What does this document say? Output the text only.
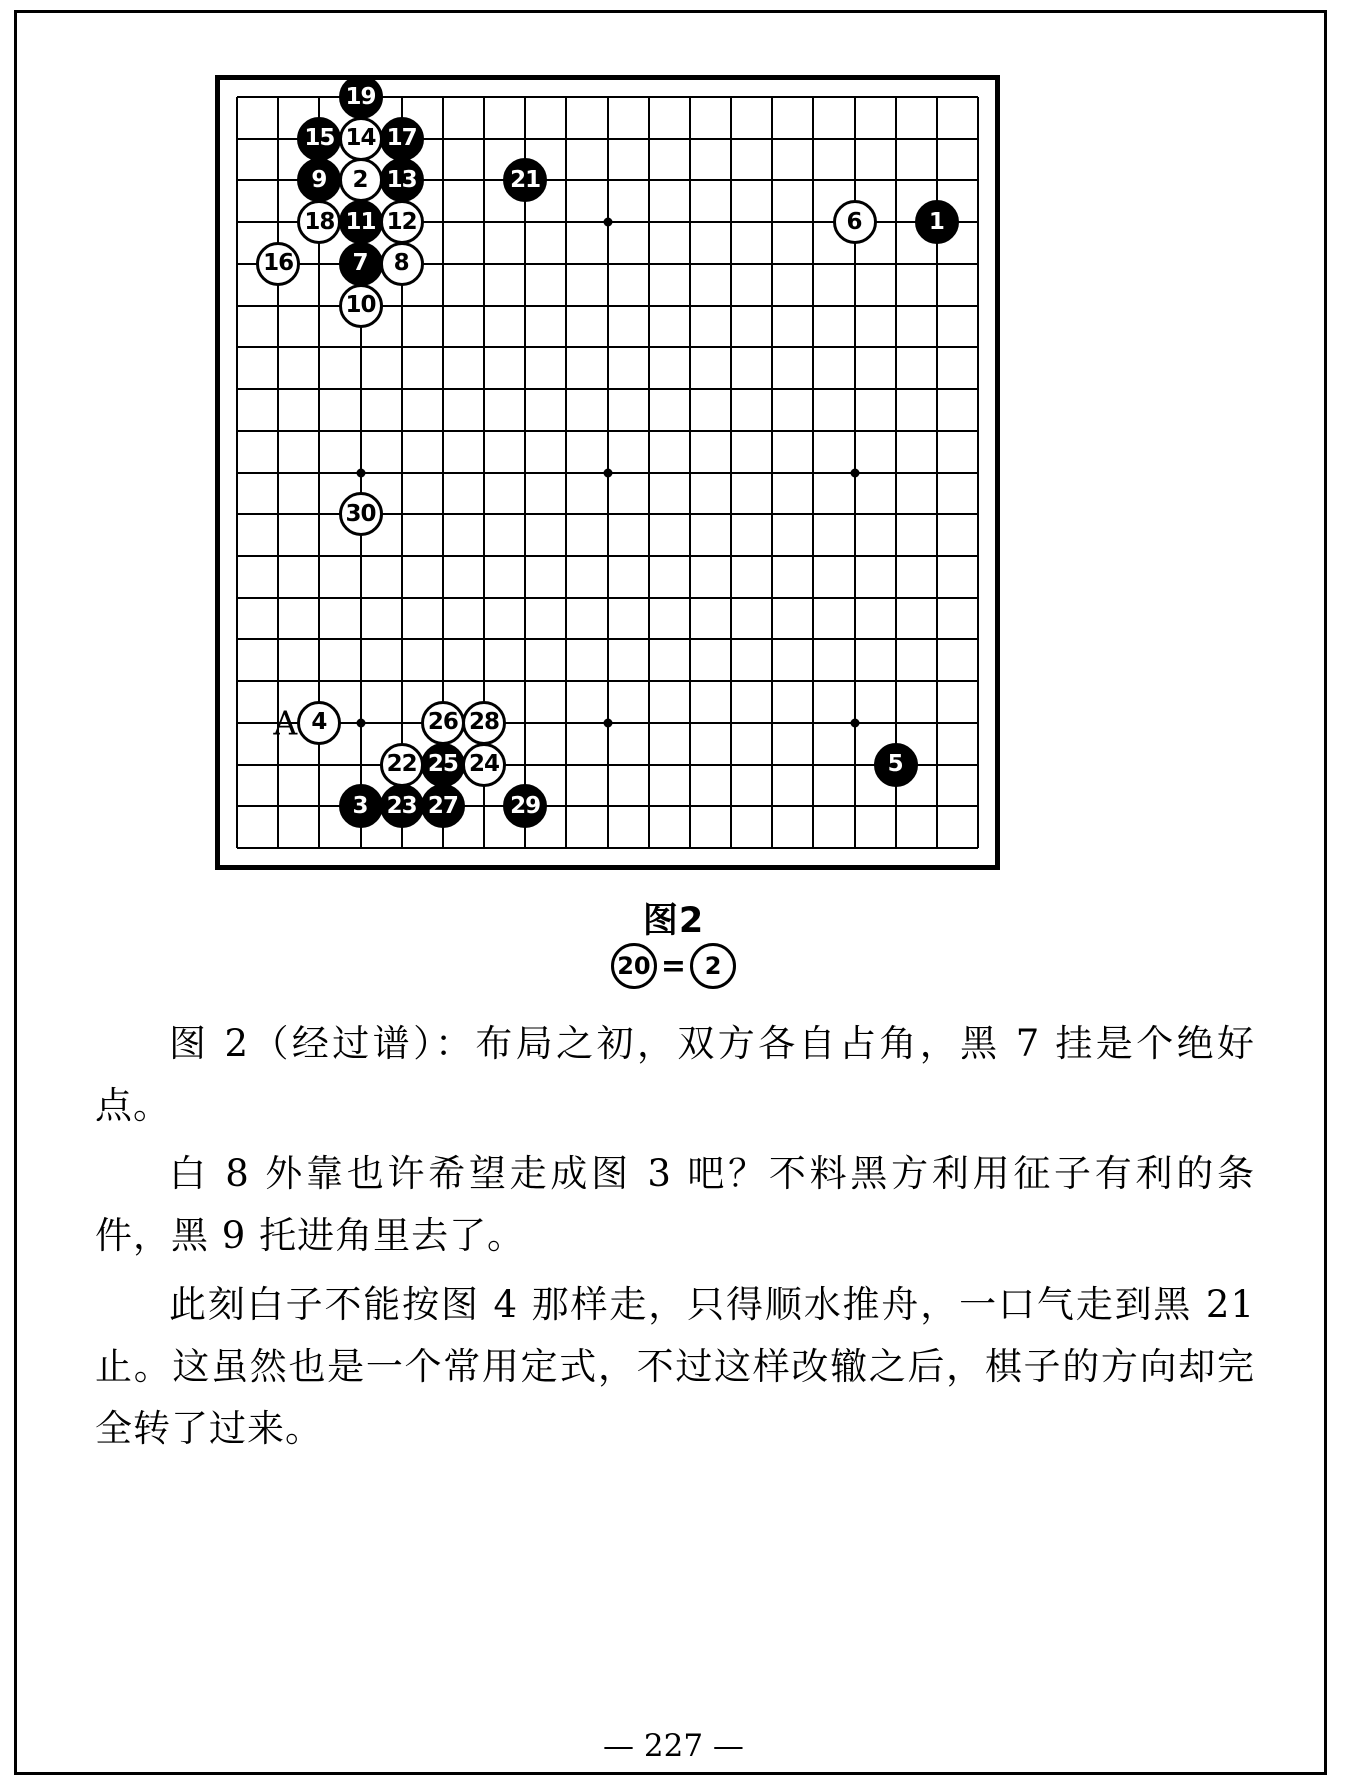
A
19
15 14 17
9	2 13	21
18 11 12	6	1
16	7	8
10
30
4	26 28
22 25 24	5
3 23 27	29
图2
20 = 2

图 2（经过谱）：布局之初，双方各自占角，黑 7 挂是个绝好点。

白 8 外靠也许希望走成图 3 吧？不料黑方利用征子有利的条件，黑 9 托进角里去了。

此刻白子不能按图 4 那样走，只得顺水推舟，一口气走到黑 21 止。这虽然也是一个常用定式，不过这样改辙之后，棋子的方向却完全转了过来。

— 227 —
